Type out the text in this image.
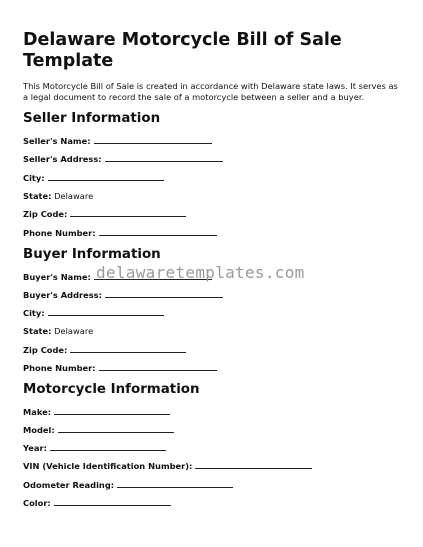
Delaware Motorcycle Bill of Sale Template

This Motorcycle Bill of Sale is created in accordance with Delaware state laws. It serves as a legal document to record the sale of a motorcycle between a seller and a buyer.

Seller Information
Seller's Name:
Seller's Address:
City:
State: Delaware
Zip Code:
Phone Number:
Buyer Information
Buyer's Name:
Buyer's Address:
City:
State: Delaware
Zip Code:
Phone Number:
Motorcycle Information
Make:
Model:
Year:
VIN (Vehicle Identification Number):
Odometer Reading:
Color:
delawaretemplates.com
